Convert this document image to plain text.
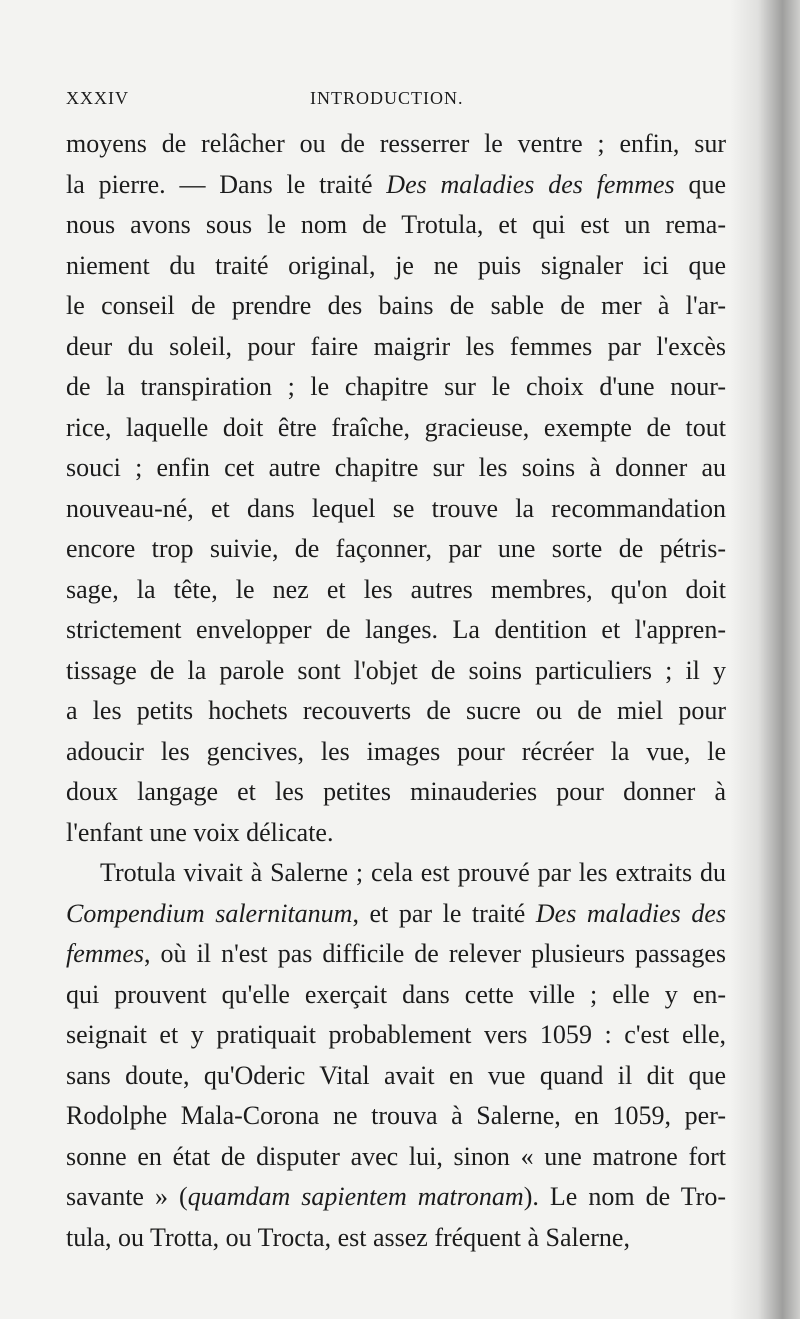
XXXIV	INTRODUCTION.
moyens de relâcher ou de resserrer le ventre ; enfin, sur
la pierre. — Dans le traité Des maladies des femmes que
nous avons sous le nom de Trotula, et qui est un rema-
niement du traité original, je ne puis signaler ici que
le conseil de prendre des bains de sable de mer à l'ar-
deur du soleil, pour faire maigrir les femmes par l'excès
de la transpiration ; le chapitre sur le choix d'une nour-
rice, laquelle doit être fraîche, gracieuse, exempte de tout
souci ; enfin cet autre chapitre sur les soins à donner au
nouveau-né, et dans lequel se trouve la recommandation
encore trop suivie, de façonner, par une sorte de pétris-
sage, la tête, le nez et les autres membres, qu'on doit
strictement envelopper de langes. La dentition et l'appren-
tissage de la parole sont l'objet de soins particuliers ; il y
a les petits hochets recouverts de sucre ou de miel pour
adoucir les gencives, les images pour récréer la vue, le
doux langage et les petites minauderies pour donner à
l'enfant une voix délicate.
Trotula vivait à Salerne ; cela est prouvé par les extraits du
Compendium salernitanum, et par le traité Des maladies des
femmes, où il n'est pas difficile de relever plusieurs passages
qui prouvent qu'elle exerçait dans cette ville ; elle y en-
seignait et y pratiquait probablement vers 1059 : c'est elle,
sans doute, qu'Oderic Vital avait en vue quand il dit que
Rodolphe Mala-Corona ne trouva à Salerne, en 1059, per-
sonne en état de disputer avec lui, sinon « une matrone fort
savante » (quamdam sapientem matronam). Le nom de Tro-
tula, ou Trotta, ou Trocta, est assez fréquent à Salerne,
